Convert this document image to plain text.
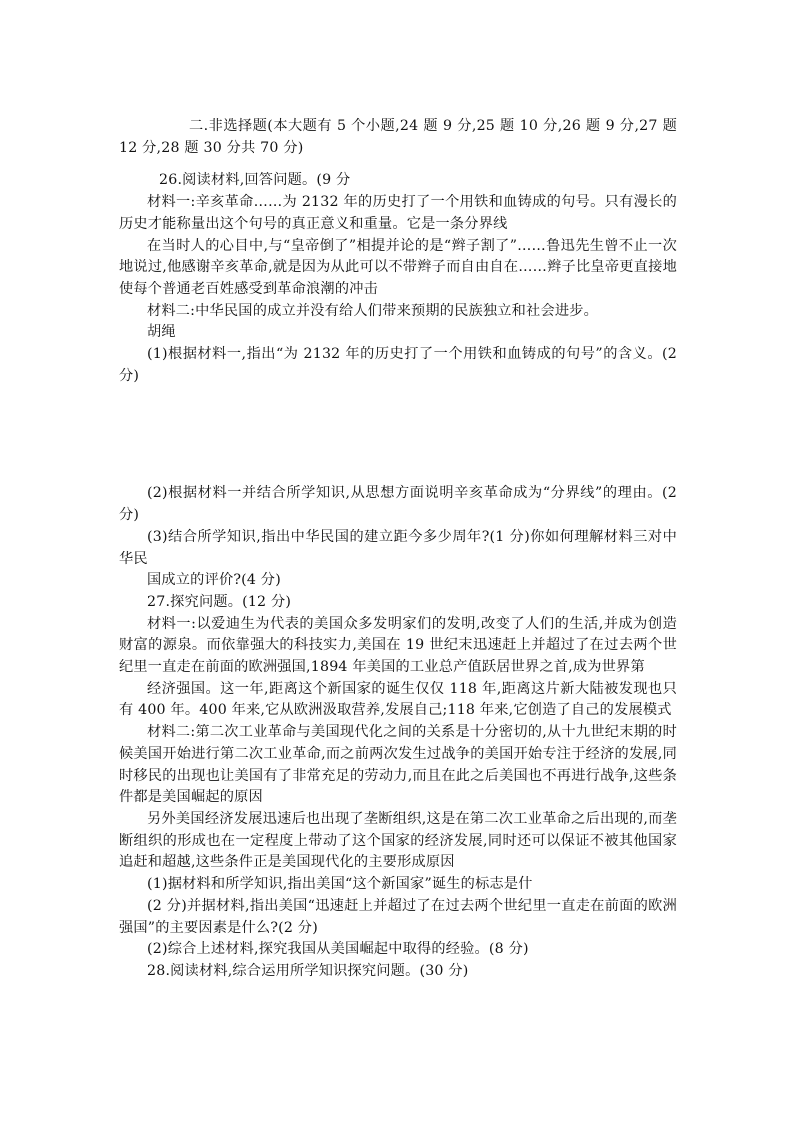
二.非选择题(本大题有 5 个小题,24 题 9 分,25 题 10 分,26 题 9 分,27 题 12 分,28 题 30 分共 70 分)

26.阅读材料,回答问题。(9 分

材料一:辛亥革命……为 2132 年的历史打了一个用铁和血铸成的句号。只有漫长的历史才能称量出这个句号的真正意义和重量。它是一条分界线

在当时人的心目中,与“皇帝倒了”相提并论的是“辫子割了”……鲁迅先生曾不止一次地说过,他感谢辛亥革命,就是因为从此可以不带辫子而自由自在……辫子比皇帝更直接地使每个普通老百姓感受到革命浪潮的冲击

材料二:中华民国的成立并没有给人们带来预期的民族独立和社会进步。

胡绳

(1)根据材料一,指出“为 2132 年的历史打了一个用铁和血铸成的句号”的含义。(2 分)

(2)根据材料一并结合所学知识,从思想方面说明辛亥革命成为“分界线”的理由。(2 分)

(3)结合所学知识,指出中华民国的建立距今多少周年?(1 分)你如何理解材料三对中华民

国成立的评价?(4 分)

27.探究问题。(12 分)

材料一:以爱迪生为代表的美国众多发明家们的发明,改变了人们的生活,并成为创造财富的源泉。而依靠强大的科技实力,美国在 19 世纪末迅速赶上并超过了在过去两个世纪里一直走在前面的欧洲强国,1894 年美国的工业总产值跃居世界之首,成为世界第

经济强国。这一年,距离这个新国家的诞生仅仅 118 年,距离这片新大陆被发现也只有 400 年。400 年来,它从欧洲汲取营养,发展自己;118 年来,它创造了自己的发展模式

材料二:第二次工业革命与美国现代化之间的关系是十分密切的,从十九世纪末期的时候美国开始进行第二次工业革命,而之前两次发生过战争的美国开始专注于经济的发展,同时移民的出现也让美国有了非常充足的劳动力,而且在此之后美国也不再进行战争,这些条件都是美国崛起的原因

另外美国经济发展迅速后也出现了垄断组织,这是在第二次工业革命之后出现的,而垄断组织的形成也在一定程度上带动了这个国家的经济发展,同时还可以保证不被其他国家追赶和超越,这些条件正是美国现代化的主要形成原因

(1)据材料和所学知识,指出美国“这个新国家”诞生的标志是什

(2 分)并据材料,指出美国“迅速赶上并超过了在过去两个世纪里一直走在前面的欧洲强国”的主要因素是什么?(2 分)

(2)综合上述材料,探究我国从美国崛起中取得的经验。(8 分)

28.阅读材料,综合运用所学知识探究问题。(30 分)
